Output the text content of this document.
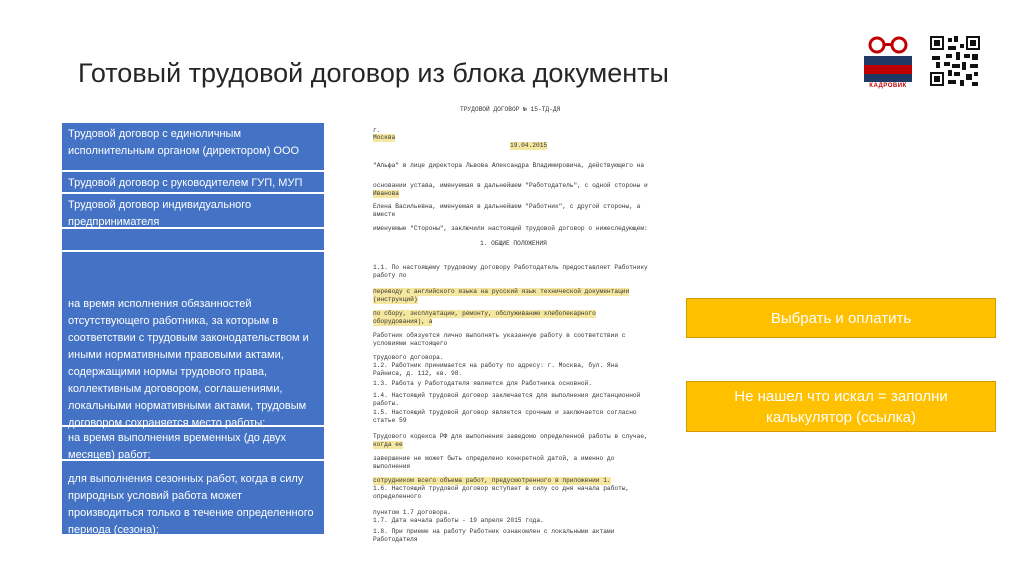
Готовый трудовой договор из блока документы	КАДРОВИК
Трудовой договор с единоличным исполнительным органом (директором) ООО
Трудовой договор с руководителем ГУП, МУП
Трудовой договор индивидуального предпринимателя
на время исполнения обязанностей отсутствующего работника, за которым в соответствии с трудовым законодательством и иными нормативными правовыми актами, содержащими нормы трудового права, коллективным договором, соглашениями, локальными нормативными актами, трудовым договором сохраняется место работы;
на время выполнения временных (до двух месяцев) работ;
для выполнения сезонных работ, когда в силу природных условий работа может производиться только в течение определенного периода (сезона);
ТРУДОВОЙ ДОГОВОР № 15-ТД-ДЯ
г.
Москва
19.04.2015
"Альфа" в лице директора Львова Александра Владимировича, действующего на
основании устава, именуемая в дальнейшем "Работодатель", с одной стороны и
Иванова
Елена Васильевна, именуемая в дальнейшем "Работник", с другой стороны, а
вместе
именуемые "Стороны", заключили настоящий трудовой договор о нижеследующем:
1. ОБЩИЕ ПОЛОЖЕНИЯ
1.1. По настоящему трудовому договору Работодатель предоставляет Работнику
работу по
переводу с английского языка на русский язык технической документации
(инструкций)
по сбору, эксплуатации, ремонту, обслуживанию хлебопекарного
оборудования), а
Работник обязуется лично выполнять указанную работу в соответствии с
условиями настоящего
трудового договора.
1.2. Работник принимается на работу по адресу: г. Москва, бул. Яна
Райниса, д. 112, кв. 98.
1.3. Работа у Работодателя является для Работника основной.
1.4. Настоящий трудовой договор заключается для выполнения дистанционной
работы.
1.5. Настоящий трудовой договор является срочным и заключается согласно
статье 59
Трудового кодекса РФ для выполнения заведомо определенной работы в случае,
когда ее
завершение не может быть определено конкретной датой, а именно до
выполнения
сотрудником всего объема работ, предусмотренного в приложении 1.
1.6. Настоящий трудовой договор вступает в силу со дня начала работы,
определенного
пунктом 1.7 договора.
1.7. Дата начала работы - 19 апреля 2015 года.
1.8. При приеме на работу Работник ознакомлен с локальными актами
Работодателя
Выбрать и оплатить
Не нашел что искал = заполни калькулятор (ссылка)
